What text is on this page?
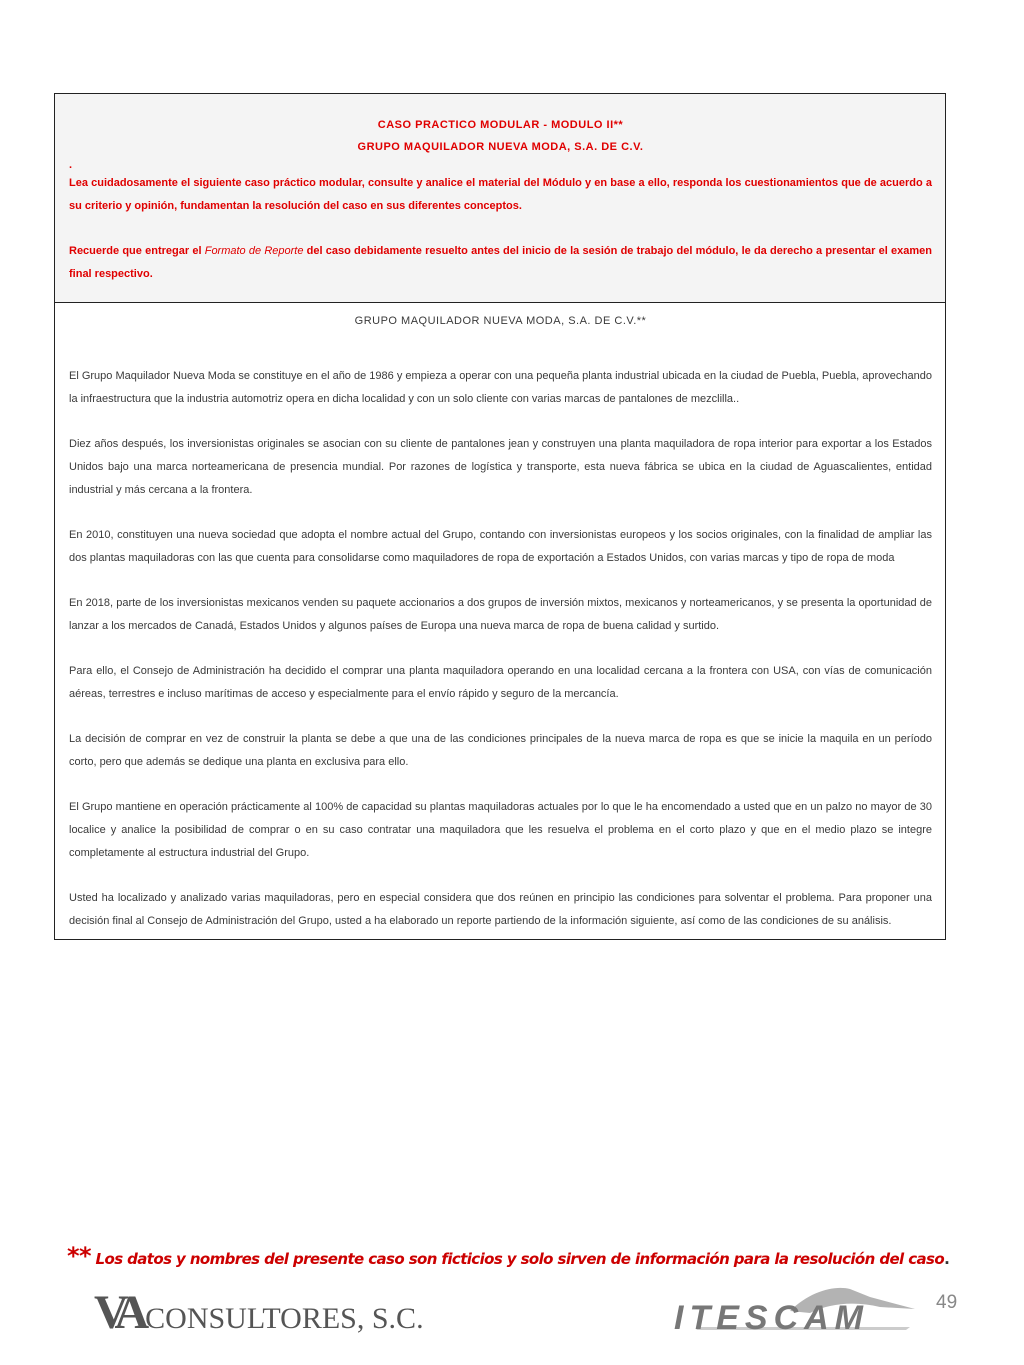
CASO PRACTICO MODULAR - MODULO II**
GRUPO MAQUILADOR NUEVA MODA, S.A. DE C.V.
.

Lea cuidadosamente el siguiente caso práctico modular, consulte y analice el material del Módulo y en base a ello, responda los cuestionamientos que de acuerdo a su criterio y opinión, fundamentan la resolución del caso en sus diferentes conceptos.

Recuerde que entregar el Formato de Reporte del caso debidamente resuelto antes del inicio de la sesión de trabajo del módulo, le da derecho a presentar el examen final respectivo.

GRUPO MAQUILADOR NUEVA MODA, S.A. DE C.V.**

El Grupo Maquilador Nueva Moda se constituye en el año de 1986 y empieza a operar con una pequeña planta industrial ubicada en la ciudad de Puebla, Puebla, aprovechando la infraestructura que la industria automotriz opera en dicha localidad y con un solo cliente con varias marcas de pantalones de mezclilla..

Diez años después, los inversionistas originales se asocian con su cliente de pantalones jean y construyen una planta maquiladora de ropa interior para exportar a los Estados Unidos bajo una marca norteamericana de presencia mundial. Por razones de logística y transporte, esta nueva fábrica se ubica en la ciudad de Aguascalientes, entidad industrial y más cercana a la frontera.

En 2010, constituyen una nueva sociedad que adopta el nombre actual del Grupo, contando con inversionistas europeos y los socios originales, con la finalidad de ampliar las dos plantas maquiladoras con las que cuenta para consolidarse como maquiladores de ropa de exportación a Estados Unidos, con varias marcas y tipo de ropa de moda

En 2018, parte de los inversionistas mexicanos venden su paquete accionarios a dos grupos de inversión mixtos, mexicanos y norteamericanos, y se presenta la oportunidad de lanzar a los mercados de Canadá, Estados Unidos y algunos países de Europa una nueva marca de ropa de buena calidad y surtido.

Para ello, el Consejo de Administración ha decidido el comprar una planta maquiladora operando en una localidad cercana a la frontera con USA, con vías de comunicación aéreas, terrestres e incluso marítimas de acceso y especialmente para el envío rápido y seguro de la mercancía.

La decisión de comprar en vez de construir la planta se debe a que una de las condiciones principales de la nueva marca de ropa es que se inicie la maquila en un período corto, pero que además se dedique una planta en exclusiva para ello.

El Grupo mantiene en operación prácticamente al 100% de capacidad su plantas maquiladoras actuales por lo que le ha encomendado a usted que en un palzo no mayor de 30 localice y analice la posibilidad de comprar o en su caso contratar una maquiladora que les resuelva el problema en el corto plazo y que en el medio plazo se integre completamente al estructura industrial del Grupo.

Usted ha localizado y analizado varias maquiladoras, pero en especial considera que dos reúnen en principio las condiciones para solventar el problema. Para proponer una decisión final al Consejo de Administración del Grupo, usted a ha elaborado un reporte partiendo de la información siguiente, así como de las condiciones de su análisis.

** Los datos y nombres del presente caso son ficticios y solo sirven de información para la resolución del caso.
VA CONSULTORES, S.C.	ITESCAM	49
